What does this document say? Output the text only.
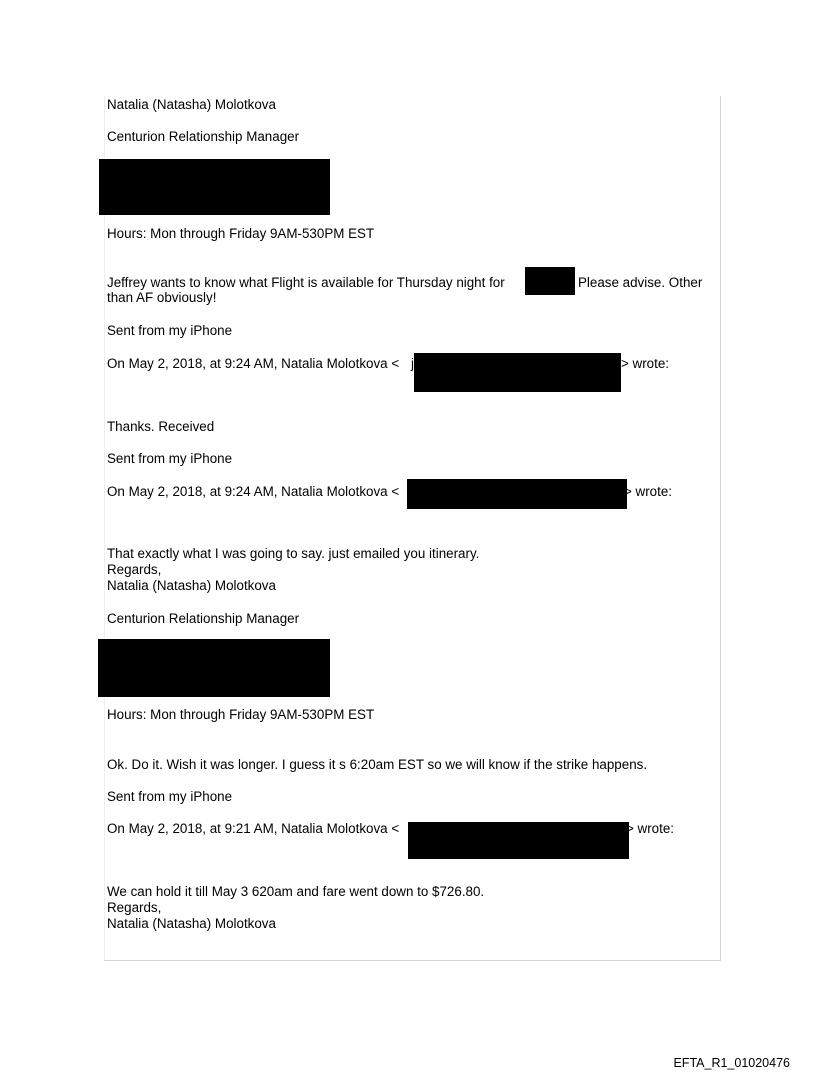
Natalia (Natasha) Molotkova
Centurion Relationship Manager
Hours: Mon through Friday 9AM-530PM EST
Jeffrey wants to know what Flight is available for Thursday night for	Please advise. Other
than AF obviously!
Sent from my iPhone
On May 2, 2018, at 9:24 AM, Natalia Molotkova < j	> wrote:
Thanks. Received
Sent from my iPhone
On May 2, 2018, at 9:24 AM, Natalia Molotkova <	> wrote:
That exactly what I was going to say. just emailed you itinerary.
Regards,
Natalia (Natasha) Molotkova
Centurion Relationship Manager
Hours: Mon through Friday 9AM-530PM EST
Ok. Do it. Wish it was longer. I guess it s 6:20am EST so we will know if the strike happens.
Sent from my iPhone
On May 2, 2018, at 9:21 AM, Natalia Molotkova <	> wrote:
We can hold it till May 3 620am and fare went down to $726.80.
Regards,
Natalia (Natasha) Molotkova
EFTA_R1_01020476
